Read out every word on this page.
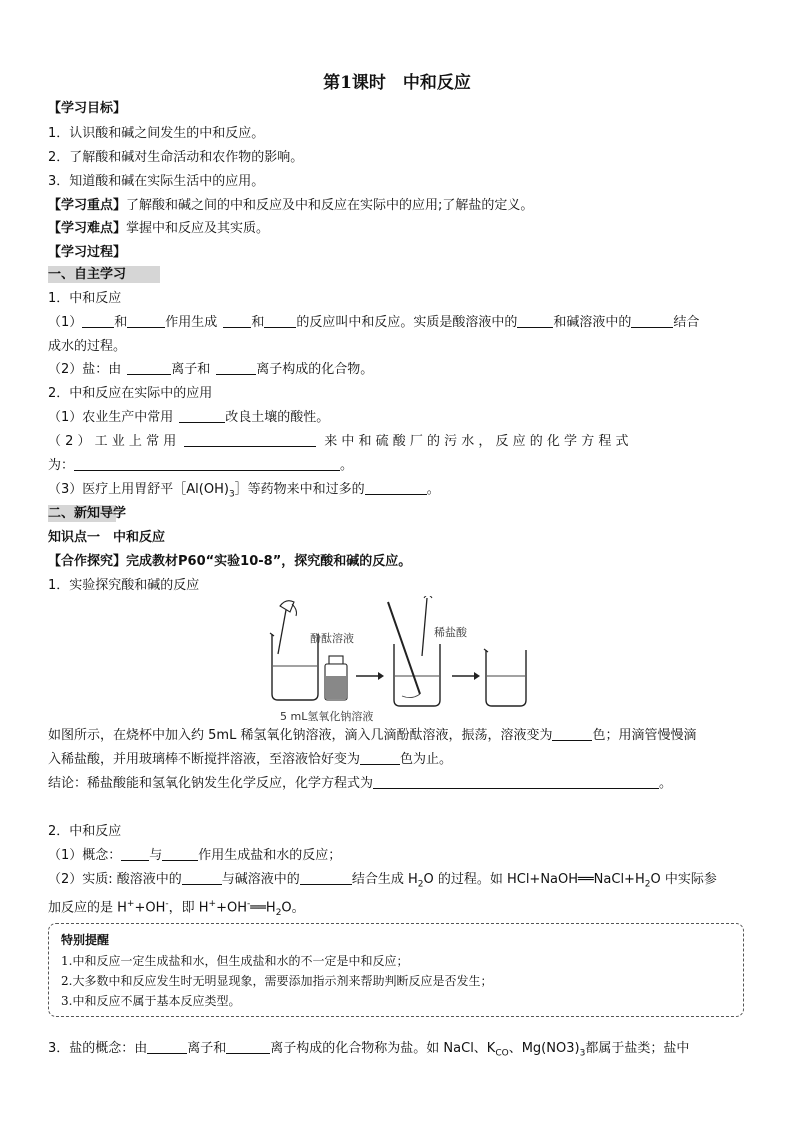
第1课时　中和反应
【学习目标】
1．认识酸和碱之间发生的中和反应。
2．了解酸和碱对生命活动和农作物的影响。
3．知道酸和碱在实际生活中的应用。
【学习重点】了解酸和碱之间的中和反应及中和反应在实际中的应用;了解盐的定义。
【学习难点】掌握中和反应及其实质。
【学习过程】
一、自主学习
1．中和反应
（1） 和	作用生成	和 的反应叫中和反应。实质是酸溶液中的	和碱溶液中的	结合
成水的过程。
（2）盐：由	离子和	离子构成的化合物。
2．中和反应在实际中的应用
（1）农业生产中常用	改良土壤的酸性。
（ 2 ） 工 业 上 常 用	来 中 和 硫 酸 厂 的 污 水 ， 反 应 的 化 学 方 程 式
为：	。
（3）医疗上用胃舒平$[Al(OH)_3]$等药物来中和过多的	。
二、新知导学
知识点一　中和反应
【合作探究】完成教材P60“实验10-8”，探究酸和碱的反应。
1．实验探究酸和碱的反应
酚酞溶液	稀盐酸
5 mL氢氧化钠溶液
如图所示，在烧杯中加入约 5mL 稀氢氧化钠溶液，滴入几滴酚酞溶液，振荡，溶液变为	色；用滴管慢慢滴
入稀盐酸，并用玻璃棒不断搅拌溶液，至溶液恰好变为	色为止。
结论：稀盐酸能和氢氧化钠发生化学反应，化学方程式为	。
2．中和反应
（1）概念： 与	作用生成盐和水的反应；
（2）实质: 酸溶液中的	与碱溶液中的	结合生成 $H_2O$ 的过程。如 $HCl+NaOH══NaCl+H_2O$ 中实际参
加反应的是 H++OH-，即 $H^++OH^-══H_2O$。
特别提醒
1.中和反应一定生成盐和水，但生成盐和水的不一定是中和反应；
2.大多数中和反应发生时无明显现象，需要添加指示剂来帮助判断反应是否发生；
3.中和反应不属于基本反应类型。
3．盐的概念：由	离子和	离子构成的化合物称为盐。如 NaCl、$K_{CO}$、$Mg(NO3)_3$都属于盐类；盐中
